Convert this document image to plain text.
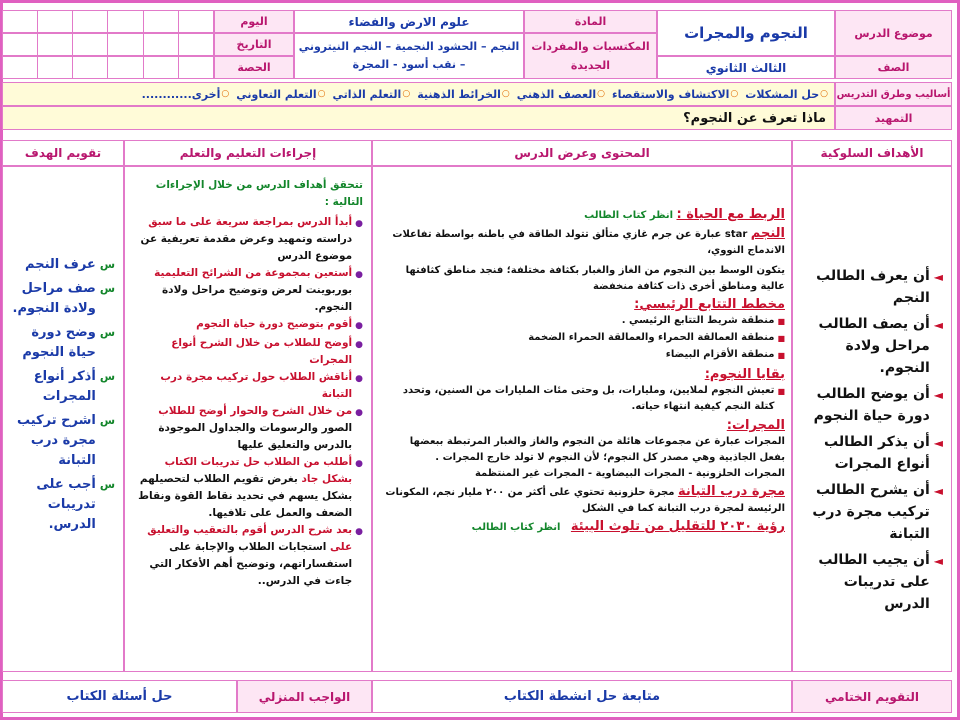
موضوع الدرس
النجوم والمجرات
المادة
علوم الارض والفضاء
اليوم
المكتسبات والمفردات
الجديدة
النجم – الحشود النجمية – النجم النيتروني
– نقب أسود - المجرة
التاريخ
الصف
الثالث الثانوي
الحصة
أساليب وطرق التدريس
○
حل المشكلات
○
الاكتشاف والاستقصاء
○
العصف الذهني
○
الخرائط الذهنية
○
التعلم الذاتي
○
التعلم التعاوني
○
أخرى............
التمهيد
ماذا تعرف عن النجوم؟
الأهداف السلوكية
المحتوى وعرض الدرس
إجراءات التعليم والتعلم
تقويم الهدف
◄
أن يعرف الطالب النجم
◄
أن يصف الطالب مراحل ولادة النجوم.
◄
أن يوضح الطالب دورة حياة النجوم
◄
أن يذكر الطالب أنواع المجرات
◄
أن يشرح الطالب تركيب مجرة درب التبانة
◄
أن يجيب الطالب على تدريبات الدرس

الربط مع الحياة : انظر كتاب الطالب

النجم star عبارة عن جرم غازي متألق تتولد الطاقة في باطنه بواسطة تفاعلات الاندماج النووي،

يتكون الوسط بين النجوم من الغاز والغبار بكثافة مختلفة؛ فنجد مناطق كثافتها عالية ومناطق أخرى ذات كثافة منخفضة

مخطط التتابع الرئيسي:

■
منطقة شريط التتابع الرئيسي .
■
منطقة العمالقة الحمراء والعمالقة الحمراء الضخمة
■
منطقة الأقزام البيضاء

بقايا النجوم:

■
تعيش النجوم لملايين، ومليارات، بل وحتى مئات المليارات من السنين، وتحدد كتلة النجم كيفية انتهاء حياته.

المجرات:

المجرات عبارة عن مجموعات هائلة من النجوم والغاز والغبار المرتبطة ببعضها بفعل الجاذبية وهي مصدر كل النجوم؛ لأن النجوم لا تولد خارج المجرات .

المجرات الحلزونية - المجرات البيضاوية - المجرات غير المنتظمة

مجرة درب التبانة مجرة حلزونية تحتوي على أكثر من ٢٠٠ مليار نجم، المكونات الرئيسة لمجرة درب التبانة كما في الشكل

رؤية ٢٠٣٠ للتقليل من تلوث البيئة   انظر كتاب الطالب

تتحقق أهداف الدرس من خلال الإجراءات التالية :
●
أبدأ الدرس بمراجعة سريعة على ما سبق دراسته وتمهيد وعرض مقدمة تعريفية عن موضوع الدرس
●
أستعين بمجموعة من الشرائح التعليمية بوربوينت لعرض وتوضيح مراحل ولادة النجوم.
●
أقوم بتوضيح دورة حياة النجوم
●
أوضح للطلاب من خلال الشرح أنواع المجرات
●
أناقش الطلاب حول تركيب مجرة درب التبانة
●
من خلال الشرح والحوار أوضح للطلاب الصور والرسومات والجداول الموجودة بالدرس والتعليق عليها
●
أطلب من الطلاب حل تدريبات الكتاب بشكل جاد بغرض تقويم الطلاب لتحصيلهم بشكل يسهم في تحديد نقاط القوة ونقاط الضعف والعمل على تلافيها.
●
بعد شرح الدرس أقوم بالتعقيب والتعليق على استجابات الطلاب والإجابة على استفساراتهم، وتوضيح أهم الأفكار التي جاءت في الدرس..
س
عرف النجم
س
صف مراحل ولادة النجوم.
س
وضح دورة حياة النجوم
س
أذكر أنواع المجرات
س
اشرح تركيب مجرة درب التبانة
س
أجب على تدريبات الدرس.
التقويم الختامي
متابعة حل انشطة الكتاب
الواجب المنزلي
حل أسئلة الكتاب
